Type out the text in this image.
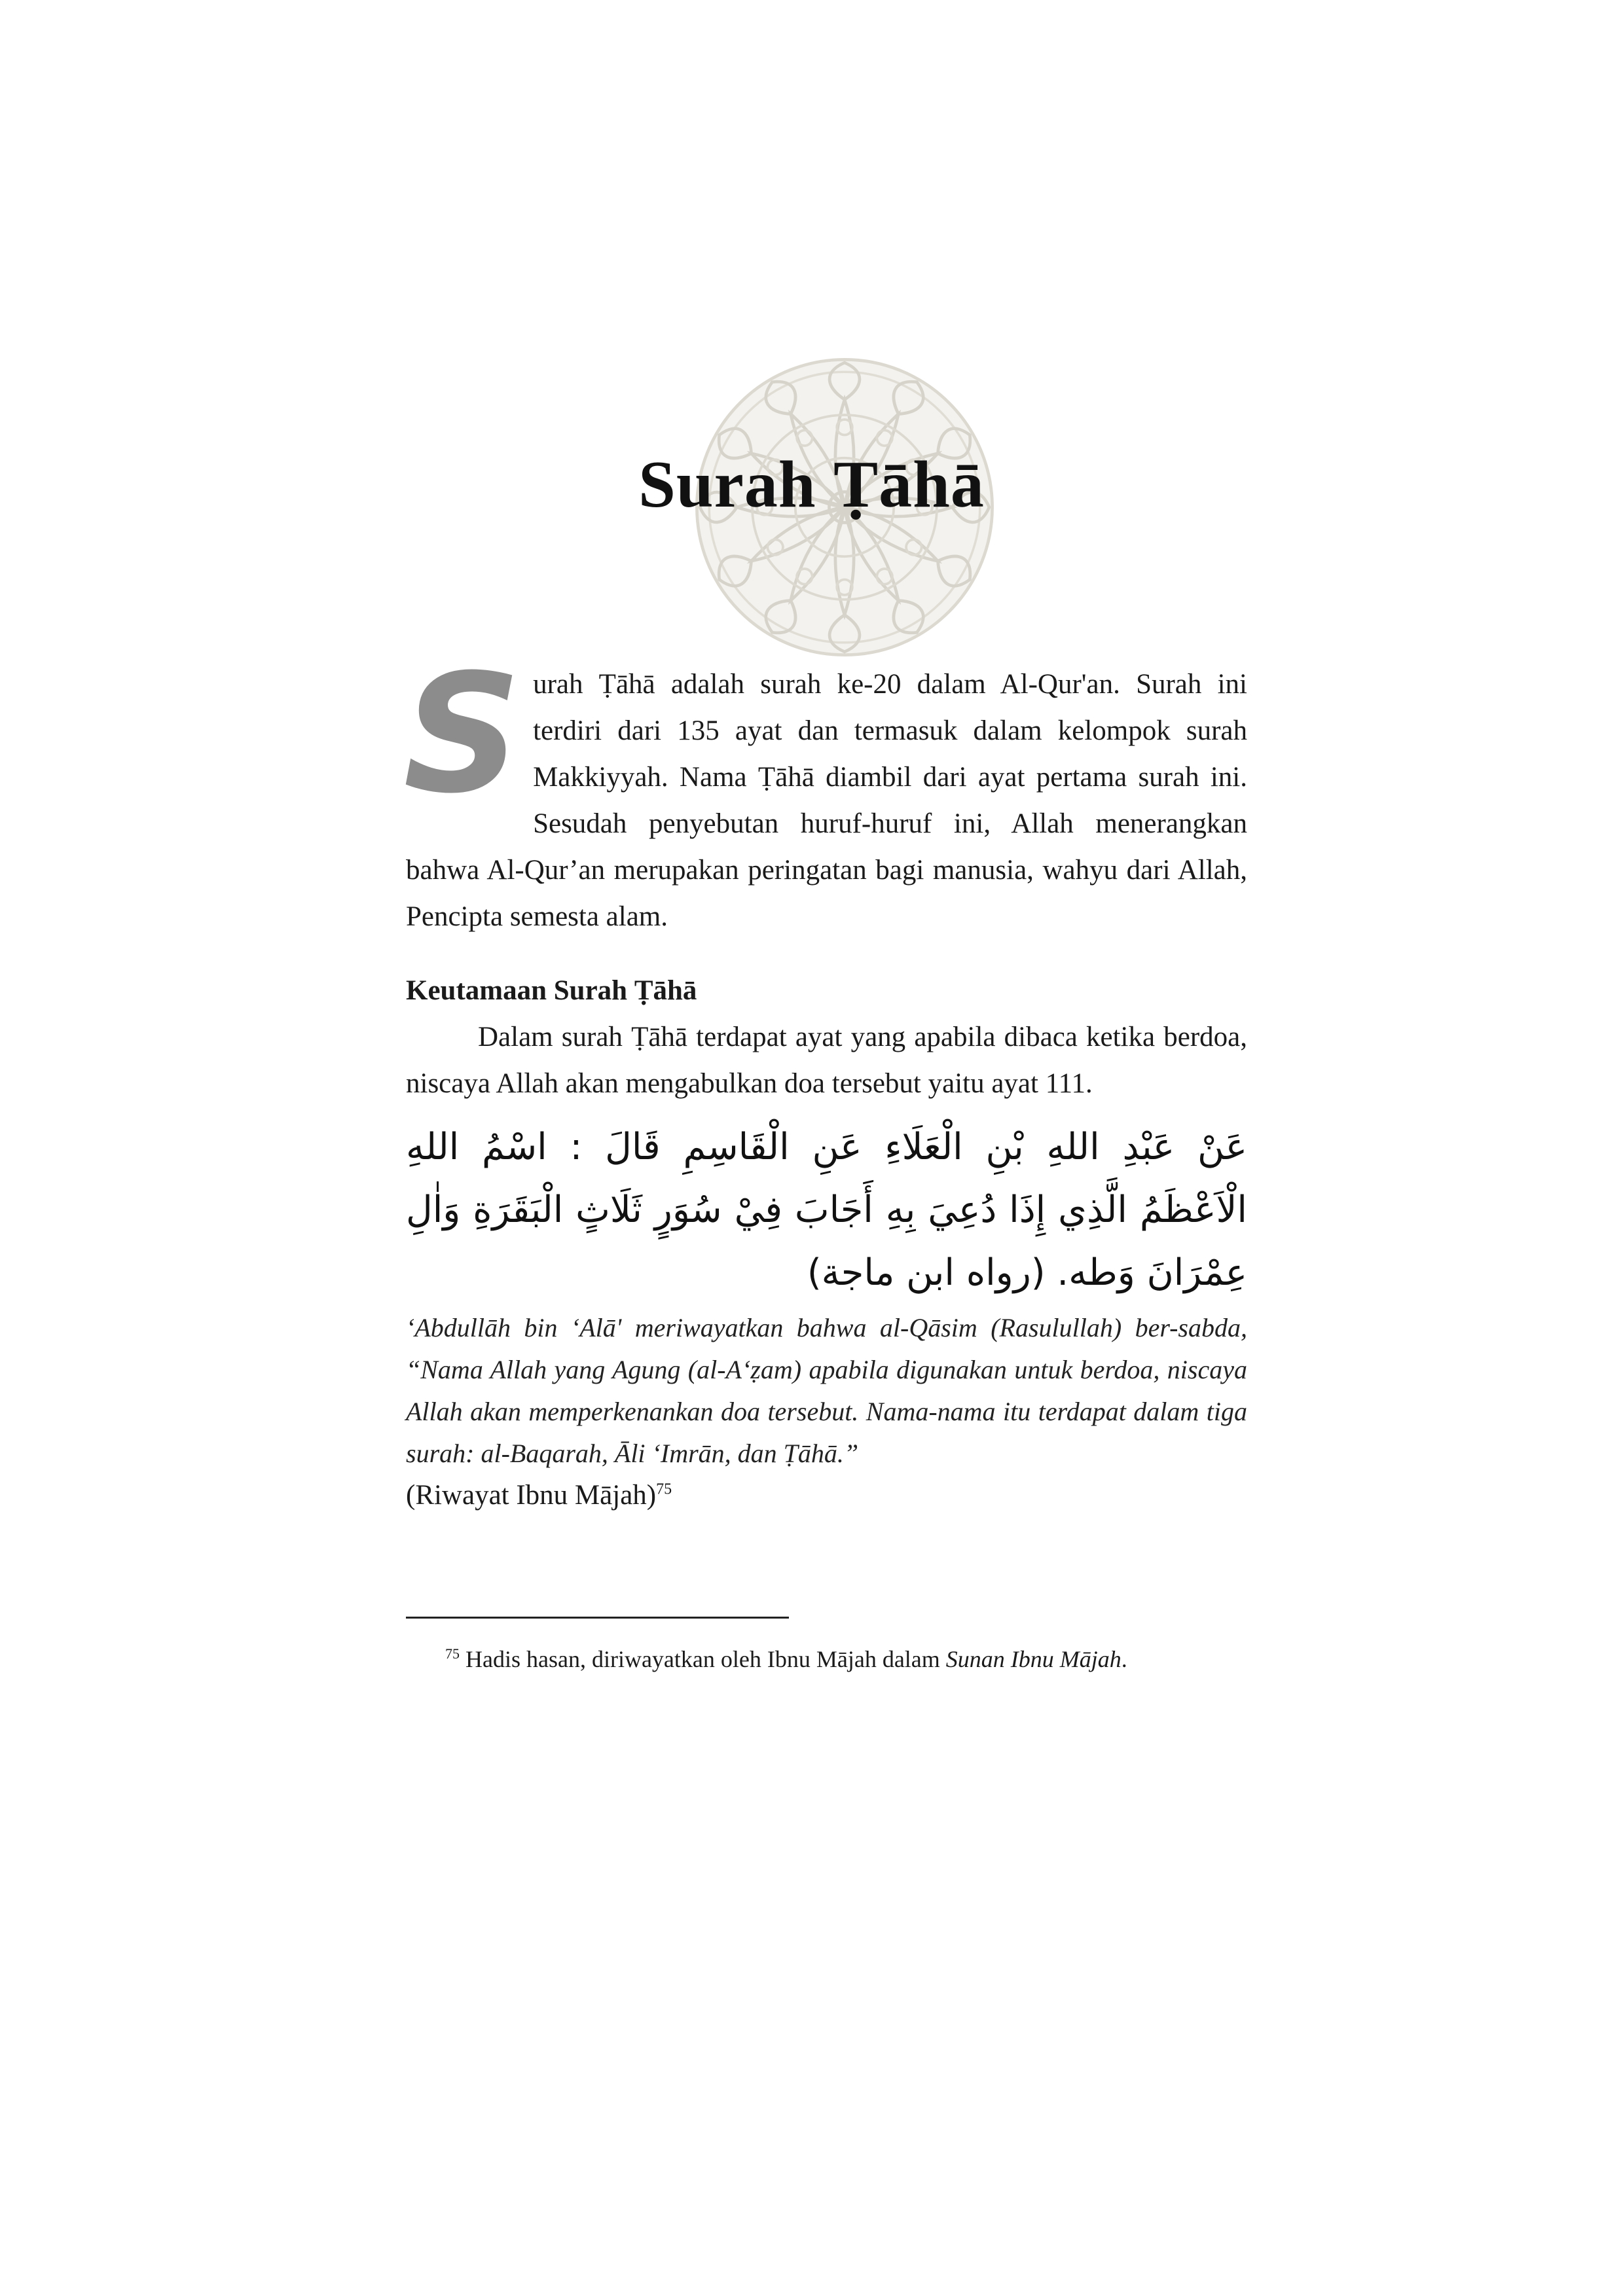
Surah Ṭāhā

S urah Ṭāhā adalah surah ke-20 dalam Al-Qur'an. Surah ini terdiri dari 135 ayat dan termasuk dalam kelompok surah Makkiyyah. Nama Ṭāhā diambil dari ayat pertama surah ini. Sesudah penyebutan huruf-huruf ini, Allah menerangkan bahwa Al-Qur’an merupakan peringatan bagi manusia, wahyu dari Allah, Pencipta semesta alam.

Keutamaan Surah Ṭāhā

Dalam surah Ṭāhā terdapat ayat yang apabila dibaca ketika berdoa, niscaya Allah akan mengabulkan doa tersebut yaitu ayat 111.

عَنْ عَبْدِ اللهِ بْنِ الْعَلَاءِ عَنِ الْقَاسِمِ قَالَ : اسْمُ اللهِ الْاَعْظَمُ الَّذِي إِذَا دُعِيَ بِهِ أَجَابَ فِيْ سُوَرٍ ثَلَاثٍ الْبَقَرَةِ وَاٰلِ عِمْرَانَ وَطه. (رواه ابن ماجة)

‘Abdullāh bin ‘Alā' meriwayatkan bahwa al-Qāsim (Rasulullah) ber-sabda, “Nama Allah yang Agung (al-A‘ẓam) apabila digunakan untuk berdoa, niscaya Allah akan memperkenankan doa tersebut. Nama-nama itu terdapat dalam tiga surah: al-Baqarah, Āli ‘Imrān, dan Ṭāhā.”

(Riwayat Ibnu Mājah)$^{75}$

$^{75}$ Hadis hasan, diriwayatkan oleh Ibnu Mājah dalam Sunan Ibnu Mājah.
